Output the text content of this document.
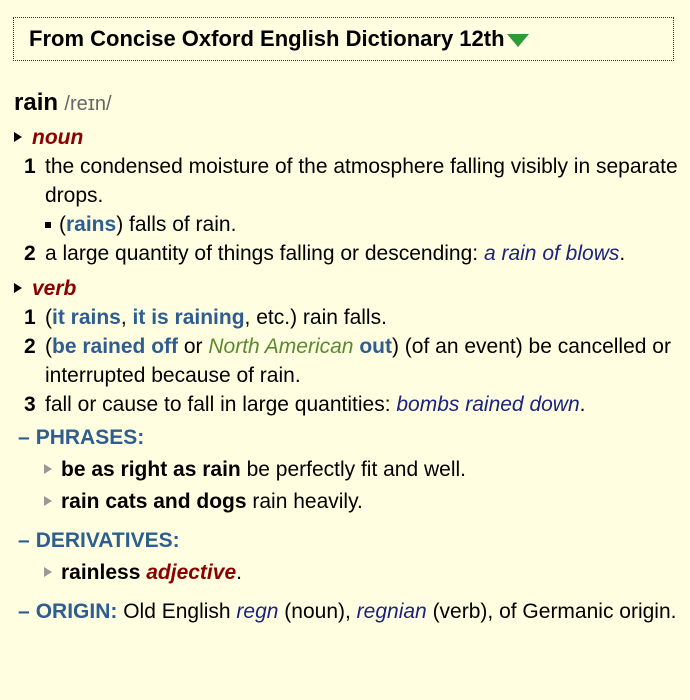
From Concise Oxford English Dictionary 12th
rain /reɪn/
noun
1 the condensed moisture of the atmosphere falling visibly in separate drops.
(rains) falls of rain.
2 a large quantity of things falling or descending: a rain of blows.
verb
1 (it rains, it is raining, etc.) rain falls.
2 (be rained off or North American out) (of an event) be cancelled or interrupted because of rain.
3 fall or cause to fall in large quantities: bombs rained down.
– PHRASES:
be as right as rain be perfectly fit and well.
rain cats and dogs rain heavily.
– DERIVATIVES:
rainless adjective.
– ORIGIN: Old English regn (noun), regnian (verb), of Germanic origin.
